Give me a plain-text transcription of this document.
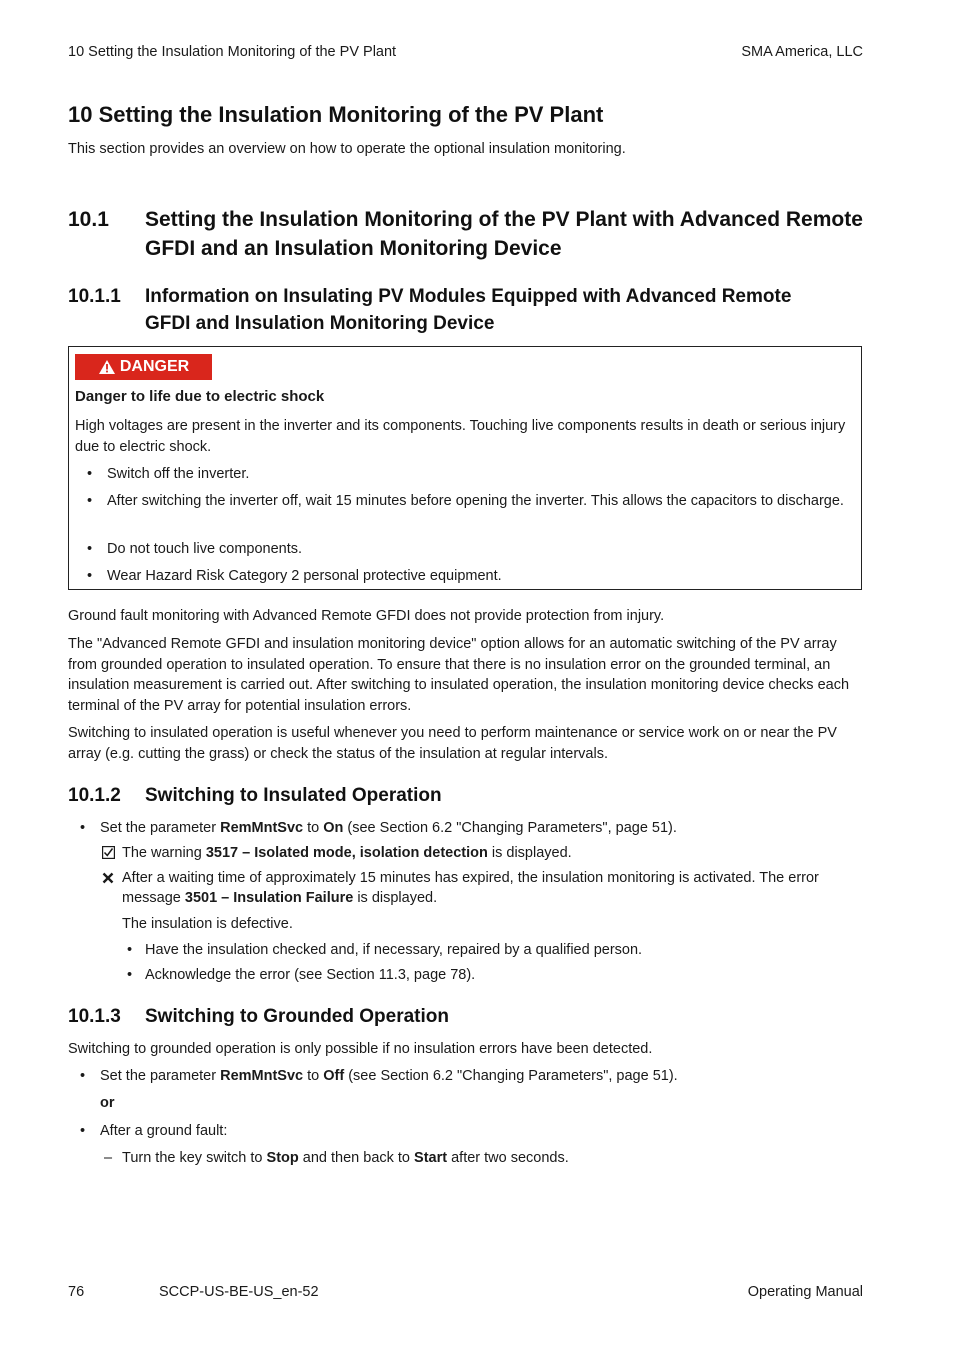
10 Setting the Insulation Monitoring of the PV Plant	SMA America, LLC
10 Setting the Insulation Monitoring of the PV Plant
This section provides an overview on how to operate the optional insulation monitoring.
10.1 Setting the Insulation Monitoring of the PV Plant with Advanced Remote
GFDI and an Insulation Monitoring Device
10.1.1 Information on Insulating PV Modules Equipped with Advanced Remote
GFDI and Insulation Monitoring Device
DANGER
Danger to life due to electric shock
High voltages are present in the inverter and its components. Touching live components results in death or serious injury due to electric shock.
•	Switch off the inverter.
•	After switching the inverter off, wait 15 minutes before opening the inverter. This allows the capacitors to discharge.
•	Do not touch live components.
•	Wear Hazard Risk Category 2 personal protective equipment.
Ground fault monitoring with Advanced Remote GFDI does not provide protection from injury.
The "Advanced Remote GFDI and insulation monitoring device" option allows for an automatic switching of the PV array from grounded operation to insulated operation. To ensure that there is no insulation error on the grounded terminal, an insulation measurement is carried out. After switching to insulated operation, the insulation monitoring device checks each terminal of the PV array for potential insulation errors.
Switching to insulated operation is useful whenever you need to perform maintenance or service work on or near the PV array (e.g. cutting the grass) or check the status of the insulation at regular intervals.
10.1.2 Switching to Insulated Operation
•	Set the parameter RemMntSvc to On (see Section 6.2 "Changing Parameters", page 51).
The warning 3517 – Isolated mode, isolation detection is displayed.
After a waiting time of approximately 15 minutes has expired, the insulation monitoring is activated. The error message 3501 – Insulation Failure is displayed.
The insulation is defective.
• Have the insulation checked and, if necessary, repaired by a qualified person.
• Acknowledge the error (see Section 11.3, page 78).
10.1.3 Switching to Grounded Operation
Switching to grounded operation is only possible if no insulation errors have been detected.
•	Set the parameter RemMntSvc to Off (see Section 6.2 "Changing Parameters", page 51).
or
•	After a ground fault:
– Turn the key switch to Stop and then back to Start after two seconds.
76	SCCP-US-BE-US_en-52	Operating Manual
